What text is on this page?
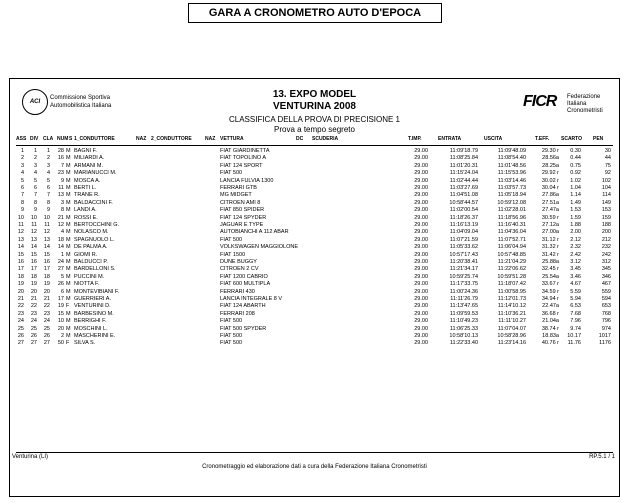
GARA A CRONOMETRO AUTO D'EPOCA
ACI
Commissione Sportiva
Automobilistica Italiana	FICR Federazione
Italiana
Cronometristi
13. EXPO MODEL
VENTURINA 2008
CLASSIFICA DELLA PROVA DI PRECISIONE 1
Prova a tempo segreto
ASS DIV CLA NUM S 1_CONDUTTORE	NAZ 2_CONDUTTORE	NAZ VETTURA	DC SCUDERIA	T.IMP.	ENTRATA	USCITA	T.EFF. SCARTO PEN
1	1	1	28 M BAGNI F.	FIAT GIARDINETTA	29.00	11:09'18.79	11:09'48.09	29.30 r	0.30	30
2	2	2	16 M MILIARDI A.	FIAT TOPOLINO A	29.00	11:08'25.84	11:08'54.40	28.56a	0.44	44
3	3	3	7 M ARMANI M.	FIAT 124 SPORT	29.00	11:01'20.31	11:01'48.56	28.25a	0.75	75
4	4	4	23 M MARIANUCCI M.	FIAT 500	29.00	11:15'24.04	11:15'53.96	29.92 r	0.92	92
5	5	5	9 M MOSCA A.	LANCIA FULVIA 1300	29.00	11:02'44.44	11:03'14.46	30.02 r	1.02	102
6	6	6	11 M BERTI L.	FERRARI GTB	29.00	11:03'27.69	11:03'57.73	30.04 r	1.04	104
7	7	7	13 M TRANE R.	MG MIDGET	29.00	11:04'51.08	11:05'18.94	27.86a	1.14	114
8	8	8	3 M BALDACCINI F.	CITROEN AMI 8	29.00	10:58'44.57	10:59'12.08	27.51a	1.49	149
9	9	9	8 M LANDI A.	FIAT 850 SPIDER	29.00	11:02'00.54	11:02'28.01	27.47a	1.53	153
10	10	10	21 M ROSSI E.	FIAT 124 SPYDER	29.00	11:18'26.37	11:18'56.96	30.59 r	1.59	159
11	11	11	12 M BERTOCCHINI G.	JAGUAR E TYPE	29.00	11:16'13.19	11:16'40.31	27.12a	1.88	188
12	12	12	4 M NOLASCO M.	AUTOBIANCHI A 112 ABAR	29.00	11:04'09.04	11:04'36.04	27.00a	2.00	200
13	13	13	18 M SPAGNUOLO L.	FIAT 500	29.00	11:07'21.59	11:07'52.71	31.12 r	2.12	212
14	14	14	14 M DE PALMA A.	VOLKSWAGEN MAGGIOLONE	29.00	11:05'33.62	11:06'04.94	31.32 r	2.32	232
15	15	15	1 M GIOMI R.	FIAT 1500	29.00	10:57'17.43	10:57'48.85	31.42 r	2.42	242
16	16	16	24 M BALDUCCI P.	DUNE BUGGY	29.00	11:20'38.41	11:21'04.29	25.88a	3.12	312
17	17	17	27 M BARDELLONI S.	CITROEN 2 CV	29.00	11:21'34.17	11:22'06.62	32.45 r	3.45	345
18	18	18	5 M PUCCINI M.	FIAT 1200 CABRIO	29.00	10:59'25.74	10:59'51.28	25.54a	3.46	346
19	19	19	26 M NIOTTA F.	FIAT 600 MULTIPLA	29.00	11:17'33.75	11:18'07.42	33.67 r	4.67	467
20	20	20	6 M MONTEVIBIANI F.	FERRARI 430	29.00	11:00'24.36	11:00'58.95	34.59 r	5.59	559
21	21	21	17 M GUERRIERI A.	LANCIA INTEGRALE 8 V	29.00	11:11'26.79	11:12'01.73	34.94 r	5.94	594
22	22	22	19 F VENTURINI D.	FIAT 124 ABARTH	29.00	11:13'47.65	11:14'10.12	22.47a	6.53	653
23	23	23	15 M BARBESINO M.	FERRARI 208	29.00	11:09'59.53	11:10'36.21	36.68 r	7.68	768
24	24	24	10 M BERRIGHI F.	FIAT 500	29.00	11:10'49.23	11:11'10.27	21.04a	7.96	796
25	25	25	20 M MOSCHINI L.	FIAT 500 SPYDER	29.00	11:06'25.33	11:07'04.07	38.74 r	9.74	974
26	26	26	2 M MASCHERINI E.	FIAT 500	29.00	10:58'10.13	10:58'28.96	18.83a	10.17	1017
27	27	27	50 F SILVA S.	FIAT 500	29.00	11:22'33.40	11:23'14.16	40.76 r	11.76	1176
Venturina (LI)	RP.5.1 / 1
Cronometraggio ed elaborazione dati a cura della Federazione Italiana Cronometristi
